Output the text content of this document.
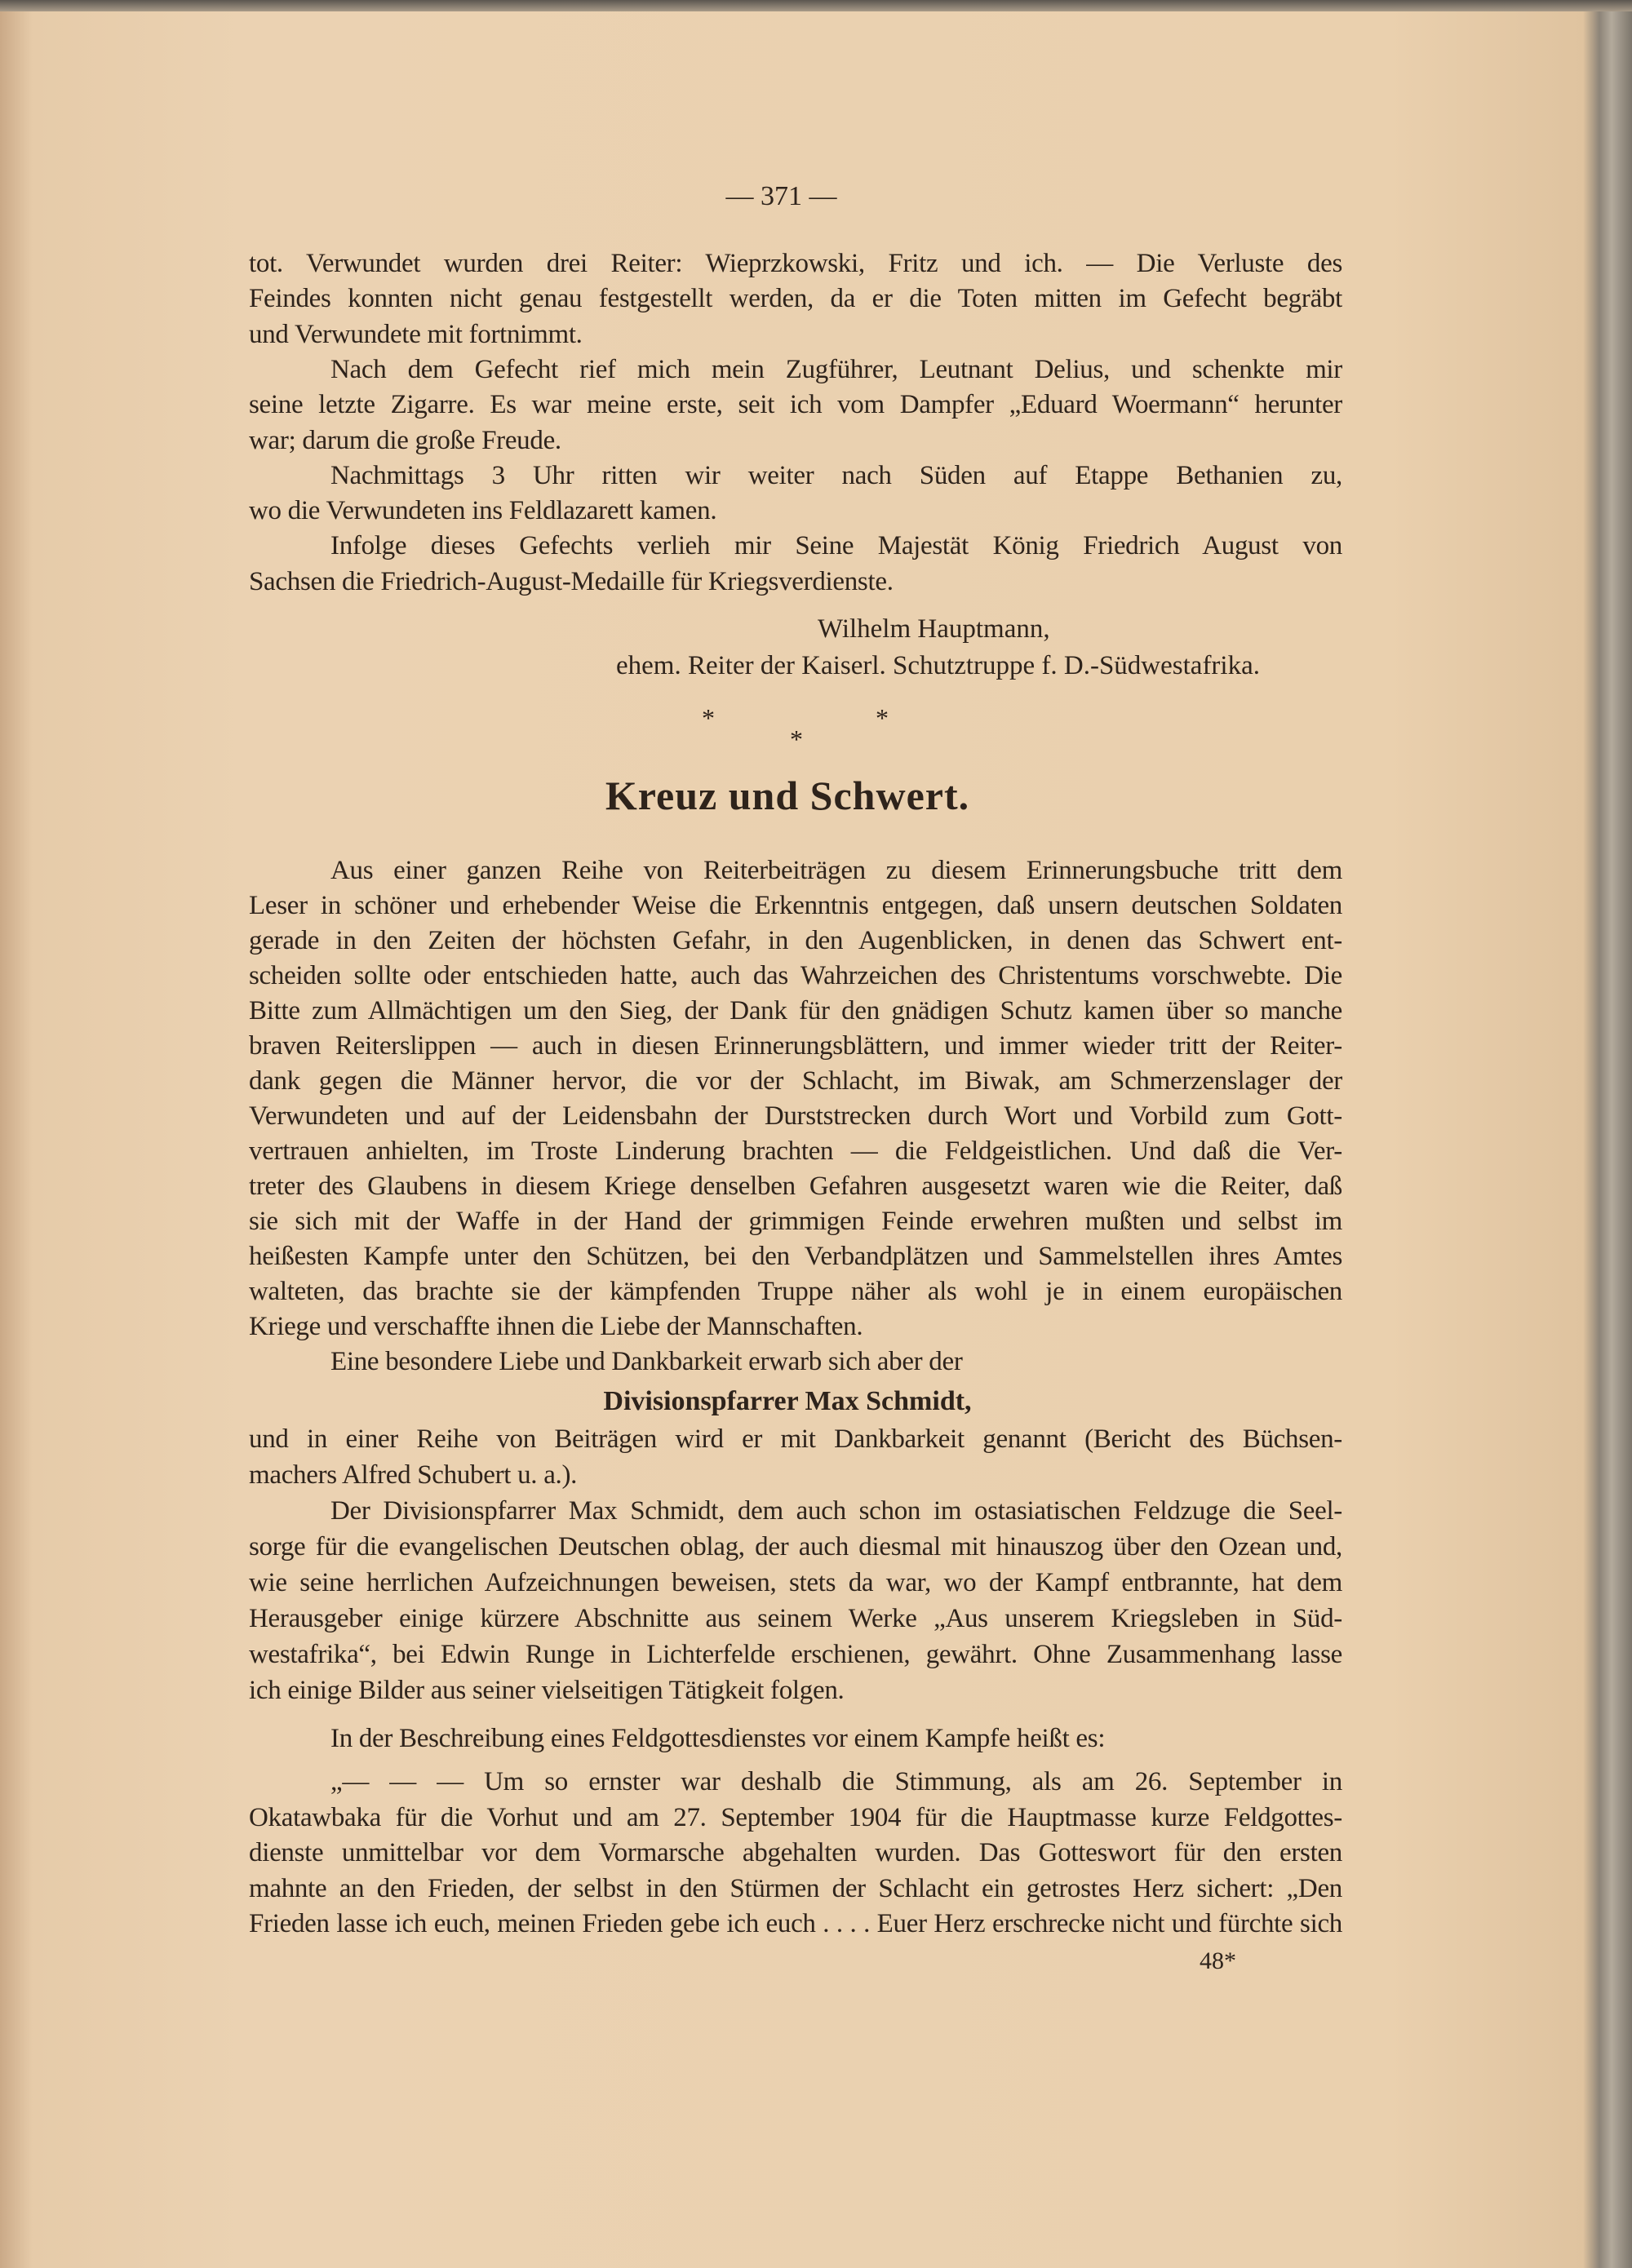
— 371 —
tot. Verwundet wurden drei Reiter: Wieprzkowski, Fritz und ich. — Die Verluste des
Feindes konnten nicht genau festgestellt werden, da er die Toten mitten im Gefecht begräbt
und Verwundete mit fortnimmt.
Nach dem Gefecht rief mich mein Zugführer, Leutnant Delius, und schenkte mir
seine letzte Zigarre. Es war meine erste, seit ich vom Dampfer „Eduard Woermann“ herunter
war; darum die große Freude.
Nachmittags 3 Uhr ritten wir weiter nach Süden auf Etappe Bethanien zu,
wo die Verwundeten ins Feldlazarett kamen.
Infolge dieses Gefechts verlieh mir Seine Majestät König Friedrich August von
Sachsen die Friedrich-August-Medaille für Kriegsverdienste.
Wilhelm Hauptmann,
ehem. Reiter der Kaiserl. Schutztruppe f. D.-Südwestafrika.
*
*
*
Kreuz und Schwert.
Aus einer ganzen Reihe von Reiterbeiträgen zu diesem Erinnerungsbuche tritt dem
Leser in schöner und erhebender Weise die Erkenntnis entgegen, daß unsern deutschen Soldaten
gerade in den Zeiten der höchsten Gefahr, in den Augenblicken, in denen das Schwert ent-
scheiden sollte oder entschieden hatte, auch das Wahrzeichen des Christentums vorschwebte. Die
Bitte zum Allmächtigen um den Sieg, der Dank für den gnädigen Schutz kamen über so manche
braven Reiterslippen — auch in diesen Erinnerungsblättern, und immer wieder tritt der Reiter-
dank gegen die Männer hervor, die vor der Schlacht, im Biwak, am Schmerzenslager der
Verwundeten und auf der Leidensbahn der Durststrecken durch Wort und Vorbild zum Gott-
vertrauen anhielten, im Troste Linderung brachten — die Feldgeistlichen. Und daß die Ver-
treter des Glaubens in diesem Kriege denselben Gefahren ausgesetzt waren wie die Reiter, daß
sie sich mit der Waffe in der Hand der grimmigen Feinde erwehren mußten und selbst im
heißesten Kampfe unter den Schützen, bei den Verbandplätzen und Sammelstellen ihres Amtes
walteten, das brachte sie der kämpfenden Truppe näher als wohl je in einem europäischen
Kriege und verschaffte ihnen die Liebe der Mannschaften.
Eine besondere Liebe und Dankbarkeit erwarb sich aber der
Divisionspfarrer Max Schmidt,
und in einer Reihe von Beiträgen wird er mit Dankbarkeit genannt (Bericht des Büchsen-
machers Alfred Schubert u. a.).
Der Divisionspfarrer Max Schmidt, dem auch schon im ostasiatischen Feldzuge die Seel-
sorge für die evangelischen Deutschen oblag, der auch diesmal mit hinauszog über den Ozean und,
wie seine herrlichen Aufzeichnungen beweisen, stets da war, wo der Kampf entbrannte, hat dem
Herausgeber einige kürzere Abschnitte aus seinem Werke „Aus unserem Kriegsleben in Süd-
westafrika“, bei Edwin Runge in Lichterfelde erschienen, gewährt. Ohne Zusammenhang lasse
ich einige Bilder aus seiner vielseitigen Tätigkeit folgen.
In der Beschreibung eines Feldgottesdienstes vor einem Kampfe heißt es:
„— — — Um so ernster war deshalb die Stimmung, als am 26. September in
Okatawbaka für die Vorhut und am 27. September 1904 für die Hauptmasse kurze Feldgottes-
dienste unmittelbar vor dem Vormarsche abgehalten wurden. Das Gotteswort für den ersten
mahnte an den Frieden, der selbst in den Stürmen der Schlacht ein getrostes Herz sichert: „Den
Frieden lasse ich euch, meinen Frieden gebe ich euch . . . . Euer Herz erschrecke nicht und fürchte sich
48*
